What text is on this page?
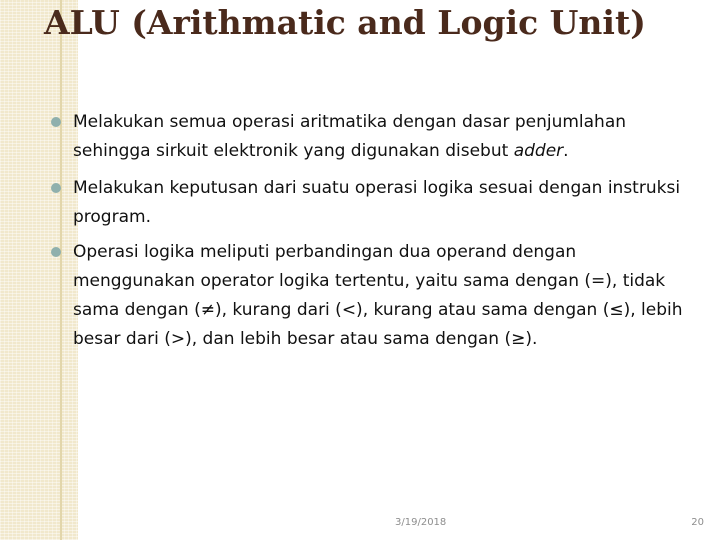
ALU (Arithmatic and Logic Unit)
Melakukan semua operasi aritmatika dengan dasar penjumlahan sehingga sirkuit elektronik yang digunakan disebut adder.
Melakukan keputusan dari suatu operasi logika sesuai dengan instruksi program.
Operasi logika meliputi perbandingan dua operand dengan menggunakan operator logika tertentu, yaitu sama dengan (=), tidak sama dengan (≠), kurang dari (<), kurang atau sama dengan (≤), lebih besar dari (>), dan lebih besar atau sama dengan (≥).
3/19/2018	20
